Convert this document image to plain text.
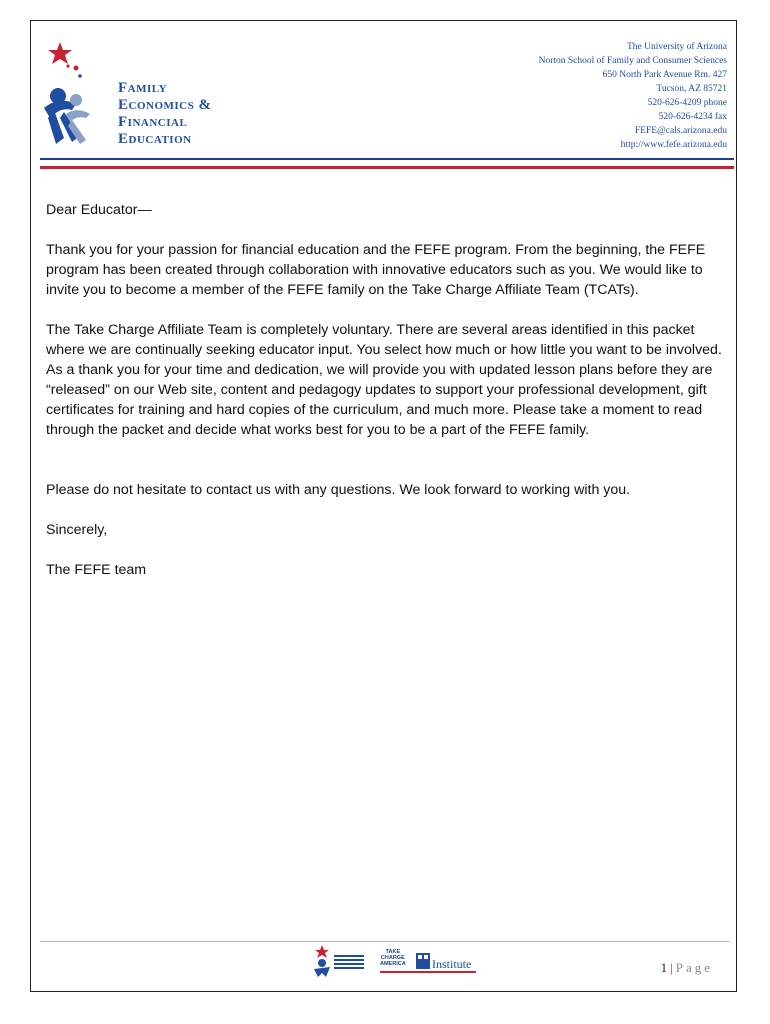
Family
Economics &
Financial
Education
The University of Arizona
Norton School of Family and Consumer Sciences
650 North Park Avenue Rm. 427
Tucson, AZ 85721
520-626-4209 phone
520-626-4234 fax
FEFE@cals.arizona.edu
http://www.fefe.arizona.edu

Dear Educator—

Thank you for your passion for financial education and the FEFE program. From the beginning, the FEFE program has been created through collaboration with innovative educators such as you. We would like to invite you to become a member of the FEFE family on the Take Charge Affiliate Team (TCATs).

The Take Charge Affiliate Team is completely voluntary. There are several areas identified in this packet where we are continually seeking educator input. You select how much or how little you want to be involved. As a thank you for your time and dedication, we will provide you with updated lesson plans before they are “released” on our Web site, content and pedagogy updates to support your professional development, gift certificates for training and hard copies of the curriculum, and much more. Please take a moment to read through the packet and decide what works best for you to be a part of the FEFE family.

Please do not hesitate to contact us with any questions. We look forward to working with you.

Sincerely,

The FEFE team

TAKE
CHARGE
AMERICA Institute	1 | Page
